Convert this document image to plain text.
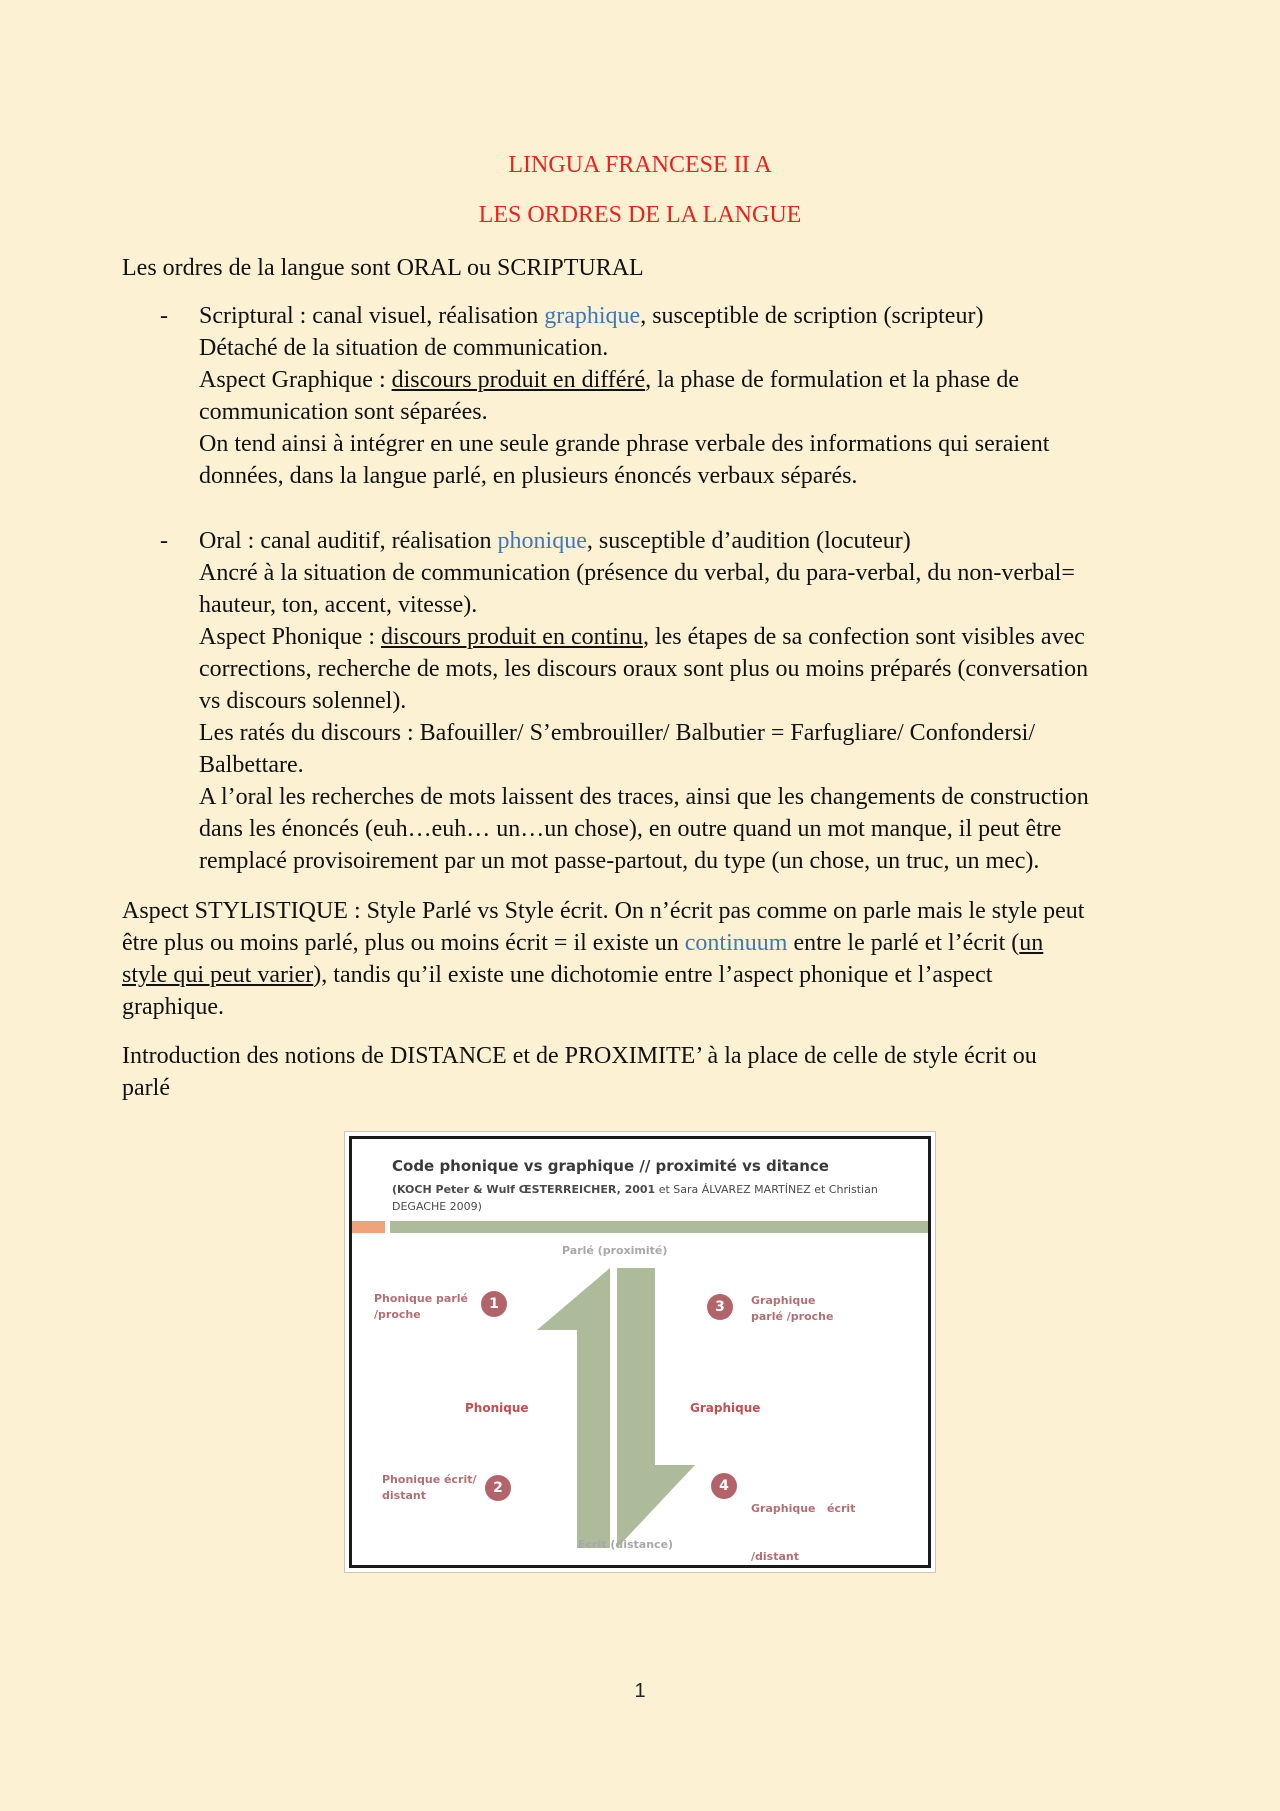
LINGUA FRANCESE II A
LES ORDRES DE LA LANGUE
Les ordres de la langue sont ORAL ou SCRIPTURAL
- Scriptural : canal visuel, réalisation graphique, susceptible de scription (scripteur)
Détaché de la situation de communication.
Aspect Graphique : discours produit en différé, la phase de formulation et la phase de
communication sont séparées.
On tend ainsi à intégrer en une seule grande phrase verbale des informations qui seraient
données, dans la langue parlé, en plusieurs énoncés verbaux séparés.
- Oral : canal auditif, réalisation phonique, susceptible d’audition (locuteur)
Ancré à la situation de communication (présence du verbal, du para-verbal, du non-verbal=
hauteur, ton, accent, vitesse).
Aspect Phonique : discours produit en continu, les étapes de sa confection sont visibles avec
corrections, recherche de mots, les discours oraux sont plus ou moins préparés (conversation
vs discours solennel).
Les ratés du discours : Bafouiller/ S’embrouiller/ Balbutier = Farfugliare/ Confondersi/
Balbettare.
A l’oral les recherches de mots laissent des traces, ainsi que les changements de construction
dans les énoncés (euh…euh… un…un chose), en outre quand un mot manque, il peut être
remplacé provisoirement par un mot passe-partout, du type (un chose, un truc, un mec).
Aspect STYLISTIQUE : Style Parlé vs Style écrit. On n’écrit pas comme on parle mais le style peut
être plus ou moins parlé, plus ou moins écrit = il existe un continuum entre le parlé et l’écrit (un
style qui peut varier), tandis qu’il existe une dichotomie entre l’aspect phonique et l’aspect
graphique.
Introduction des notions de DISTANCE et de PROXIMITE’ à la place de celle de style écrit ou
parlé
Code phonique vs graphique // proximité vs ditance
(KOCH Peter & Wulf ŒSTERREICHER, 2001 et Sara ÁLVAREZ MARTÍNEZ et Christian
DEGACHE 2009)
Parlé (proximité)
Ecrit (distance)
Phonique	Graphique
Phonique parlé
/proche
1
Phonique écrit/
distant	2
3	Graphique
parlé /proche
4

Graphique   écrit

/distant

1
